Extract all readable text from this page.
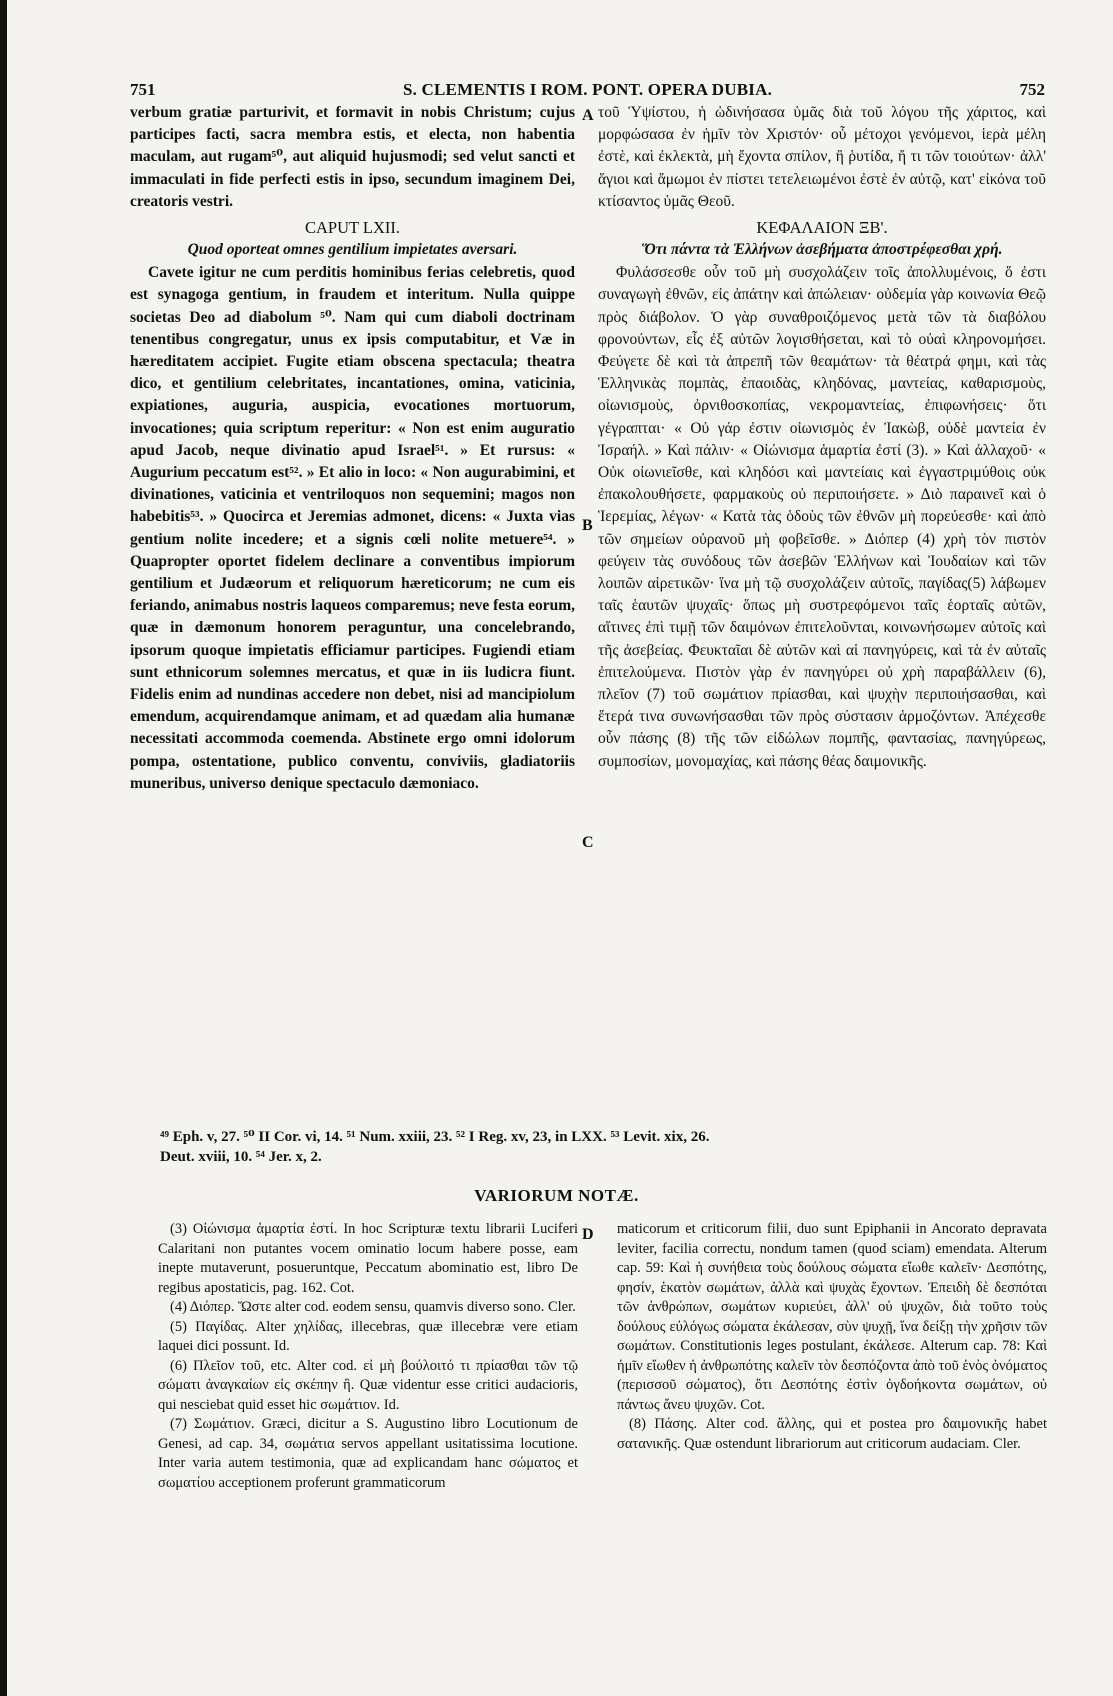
751	S. CLEMENTIS I ROM. PONT. OPERA DUBIA.	752

verbum gratiæ parturivit, et formavit in nobis Christum; cujus participes facti, sacra membra estis, et electa, non habentia maculam, aut rugam⁵⁰, aut aliquid hujusmodi; sed velut sancti et immaculati in fide perfecti estis in ipso, secundum imaginem Dei, creatoris vestri.

CAPUT LXII.

Quod oporteat omnes gentilium impietates aversari.

Cavete igitur ne cum perditis hominibus ferias celebretis, quod est synagoga gentium, in fraudem et interitum. Nulla quippe societas Deo ad diabolum ⁵⁰. Nam qui cum diaboli doctrinam tenentibus congregatur, unus ex ipsis computabitur, et Væ in hæreditatem accipiet. Fugite etiam obscena spectacula; theatra dico, et gentilium celebritates, incantationes, omina, vaticinia, expiationes, auguria, auspicia, evocationes mortuorum, invocationes; quia scriptum reperitur: « Non est enim auguratio apud Jacob, neque divinatio apud Israel⁵¹. » Et rursus: « Augurium peccatum est⁵². » Et alio in loco: « Non augurabimini, et divinationes, vaticinia et ventriloquos non sequemini; magos non habebitis⁵³. » Quocirca et Jeremias admonet, dicens: « Juxta vias gentium nolite incedere; et a signis cœli nolite metuere⁵⁴. » Quapropter oportet fidelem declinare a conventibus impiorum gentilium et Judæorum et reliquorum hæreticorum; ne cum eis feriando, animabus nostris laqueos comparemus; neve festa eorum, quæ in dæmonum honorem peraguntur, una concelebrando, ipsorum quoque impietatis efficiamur participes. Fugiendi etiam sunt ethnicorum solemnes mercatus, et quæ in iis ludicra fiunt. Fidelis enim ad nundinas accedere non debet, nisi ad mancipiolum emendum, acquirendamque animam, et ad quædam alia humanæ necessitati accommoda coemenda. Abstinete ergo omni idolorum pompa, ostentatione, publico conventu, conviviis, gladiatoriis muneribus, universo denique spectaculo dæmoniaco.

τοῦ Ὑψίστου, ἡ ὠδινήσασα ὑμᾶς διὰ τοῦ λόγου τῆς χάριτος, καὶ μορφώσασα ἐν ἡμῖν τὸν Χριστόν· οὗ μέτοχοι γενόμενοι, ἱερὰ μέλη ἐστὲ, καὶ ἐκλεκτὰ, μὴ ἔχοντα σπίλον, ἢ ῥυτίδα, ἤ τι τῶν τοιούτων· ἀλλ' ἅγιοι καὶ ἄμωμοι ἐν πίστει τετελειωμένοι ἐστὲ ἐν αὐτῷ, κατ' εἰκόνα τοῦ κτίσαντος ὑμᾶς Θεοῦ.

ΚΕΦΑΛΑΙΟΝ ΞΒ'.

Ὅτι πάντα τὰ Ἑλλήνων ἀσεβήματα ἀποστρέφεσθαι χρή.

Φυλάσσεσθε οὖν τοῦ μὴ συσχολάζειν τοῖς ἀπολλυμένοις, ὅ ἐστι συναγωγὴ ἐθνῶν, εἰς ἀπάτην καὶ ἀπώλειαν· οὐδεμία γὰρ κοινωνία Θεῷ πρὸς διάβολον. Ὁ γὰρ συναθροιζόμενος μετὰ τῶν τὰ διαβόλου φρονούντων, εἷς ἐξ αὐτῶν λογισθήσεται, καὶ τὸ οὐαὶ κληρονομήσει. Φεύγετε δὲ καὶ τὰ ἀπρεπῆ τῶν θεαμάτων· τὰ θέατρά φημι, καὶ τὰς Ἑλληνικὰς πομπὰς, ἐπαοιδὰς, κληδόνας, μαντείας, καθαρισμοὺς, οἰωνισμοὺς, ὀρνιθοσκοπίας, νεκρομαντείας, ἐπιφωνήσεις· ὅτι γέγραπται· « Οὐ γάρ ἐστιν οἰωνισμὸς ἐν Ἰακὼβ, οὐδὲ μαντεία ἐν Ἰσραήλ. » Καὶ πάλιν· « Οἰώνισμα ἁμαρτία ἐστί (3). » Καὶ ἀλλαχοῦ· « Οὐκ οἰωνιεῖσθε, καὶ κληδόσι καὶ μαντείαις καὶ ἐγγαστριμύθοις οὐκ ἐπακολουθήσετε, φαρμακοὺς οὐ περιποιήσετε. » Διὸ παραινεῖ καὶ ὁ Ἱερεμίας, λέγων· « Κατὰ τὰς ὁδοὺς τῶν ἐθνῶν μὴ πορεύεσθε· καὶ ἀπὸ τῶν σημείων οὐρανοῦ μὴ φοβεῖσθε. » Διόπερ (4) χρὴ τὸν πιστὸν φεύγειν τὰς συνόδους τῶν ἀσεβῶν Ἑλλήνων καὶ Ἰουδαίων καὶ τῶν λοιπῶν αἱρετικῶν· ἵνα μὴ τῷ συσχολάζειν αὐτοῖς, παγίδας(5) λάβωμεν ταῖς ἑαυτῶν ψυχαῖς· ὅπως μὴ συστρεφόμενοι ταῖς ἑορταῖς αὐτῶν, αἵτινες ἐπὶ τιμῇ τῶν δαιμόνων ἐπιτελοῦνται, κοινωνήσωμεν αὐτοῖς καὶ τῆς ἀσεβείας. Φευκταῖαι δὲ αὐτῶν καὶ αἱ πανηγύρεις, καὶ τὰ ἐν αὐταῖς ἐπιτελούμενα. Πιστὸν γὰρ ἐν πανηγύρει οὐ χρὴ παραβάλλειν (6), πλεῖον (7) τοῦ σωμάτιον πρίασθαι, καὶ ψυχὴν περιποιήσασθαι, καὶ ἕτερά τινα συνωνήσασθαι τῶν πρὸς σύστασιν ἁρμοζόντων. Ἀπέχεσθε οὖν πάσης (8) τῆς τῶν εἰδώλων πομπῆς, φαντασίας, πανηγύρεως, συμποσίων, μονομαχίας, καὶ πάσης θέας δαιμονικῆς.

A
B
C
D

⁴⁹ Eph. v, 27. ⁵⁰ II Cor. vi, 14. ⁵¹ Num. xxiii, 23. ⁵² I Reg. xv, 23, in LXX. ⁵³ Levit. xix, 26.

Deut. xviii, 10. ⁵⁴ Jer. x, 2.

VARIORUM NOTÆ.

(3) Οἰώνισμα ἁμαρτία ἐστί. In hoc Scripturæ textu librarii Luciferi Calaritani non putantes vocem ominatio locum habere posse, eam inepte mutaverunt, posueruntque, Peccatum abominatio est, libro De regibus apostaticis, pag. 162. Cot.

(4) Διόπερ. Ὥστε alter cod. eodem sensu, quamvis diverso sono. Cler.

(5) Παγίδας. Alter χηλίδας, illecebras, quæ illecebræ vere etiam laquei dici possunt. Id.

(6) Πλεῖον τοῦ, etc. Alter cod. εἰ μὴ βούλοιτό τι πρίασθαι τῶν τῷ σώματι ἀναγκαίων εἰς σκέπην ἢ. Quæ videntur esse critici audacioris, qui nesciebat quid esset hic σωμάτιον. Id.

(7) Σωμάτιον. Græci, dicitur a S. Augustino libro Locutionum de Genesi, ad cap. 34, σωμάτια servos appellant usitatissima locutione. Inter varia autem testimonia, quæ ad explicandam hanc σώματος et σωματίου acceptionem proferunt grammaticorum

maticorum et criticorum filii, duo sunt Epiphanii in Ancorato depravata leviter, facilia correctu, nondum tamen (quod sciam) emendata. Alterum cap. 59: Καὶ ἡ συνήθεια τοὺς δούλους σώματα εἴωθε καλεῖν· Δεσπότης, φησίν, ἑκατὸν σωμάτων, ἀλλὰ καὶ ψυχὰς ἔχοντων. Ἐπειδὴ δὲ δεσπόται τῶν ἀνθρώπων, σωμάτων κυριεύει, ἀλλ' οὐ ψυχῶν, διὰ τοῦτο τοὺς δούλους εὐλόγως σώματα ἐκάλεσαν, σὺν ψυχῇ, ἵνα δείξῃ τὴν χρῆσιν τῶν σωμάτων. Constitutionis leges postulant, ἐκάλεσε. Alterum cap. 78: Καὶ ἡμῖν εἴωθεν ἡ ἀνθρωπότης καλεῖν τὸν δεσπόζοντα ἀπὸ τοῦ ἑνὸς ὀνόματος (περισσοῦ σώματος), ὅτι Δεσπότης ἐστὶν ὀγδοήκοντα σωμάτων, οὐ πάντως ἄνευ ψυχῶν. Cot.

(8) Πάσης. Alter cod. ἄλλης, qui et postea pro δαιμονικῆς habet σατανικῆς. Quæ ostendunt librariorum aut criticorum audaciam. Cler.
